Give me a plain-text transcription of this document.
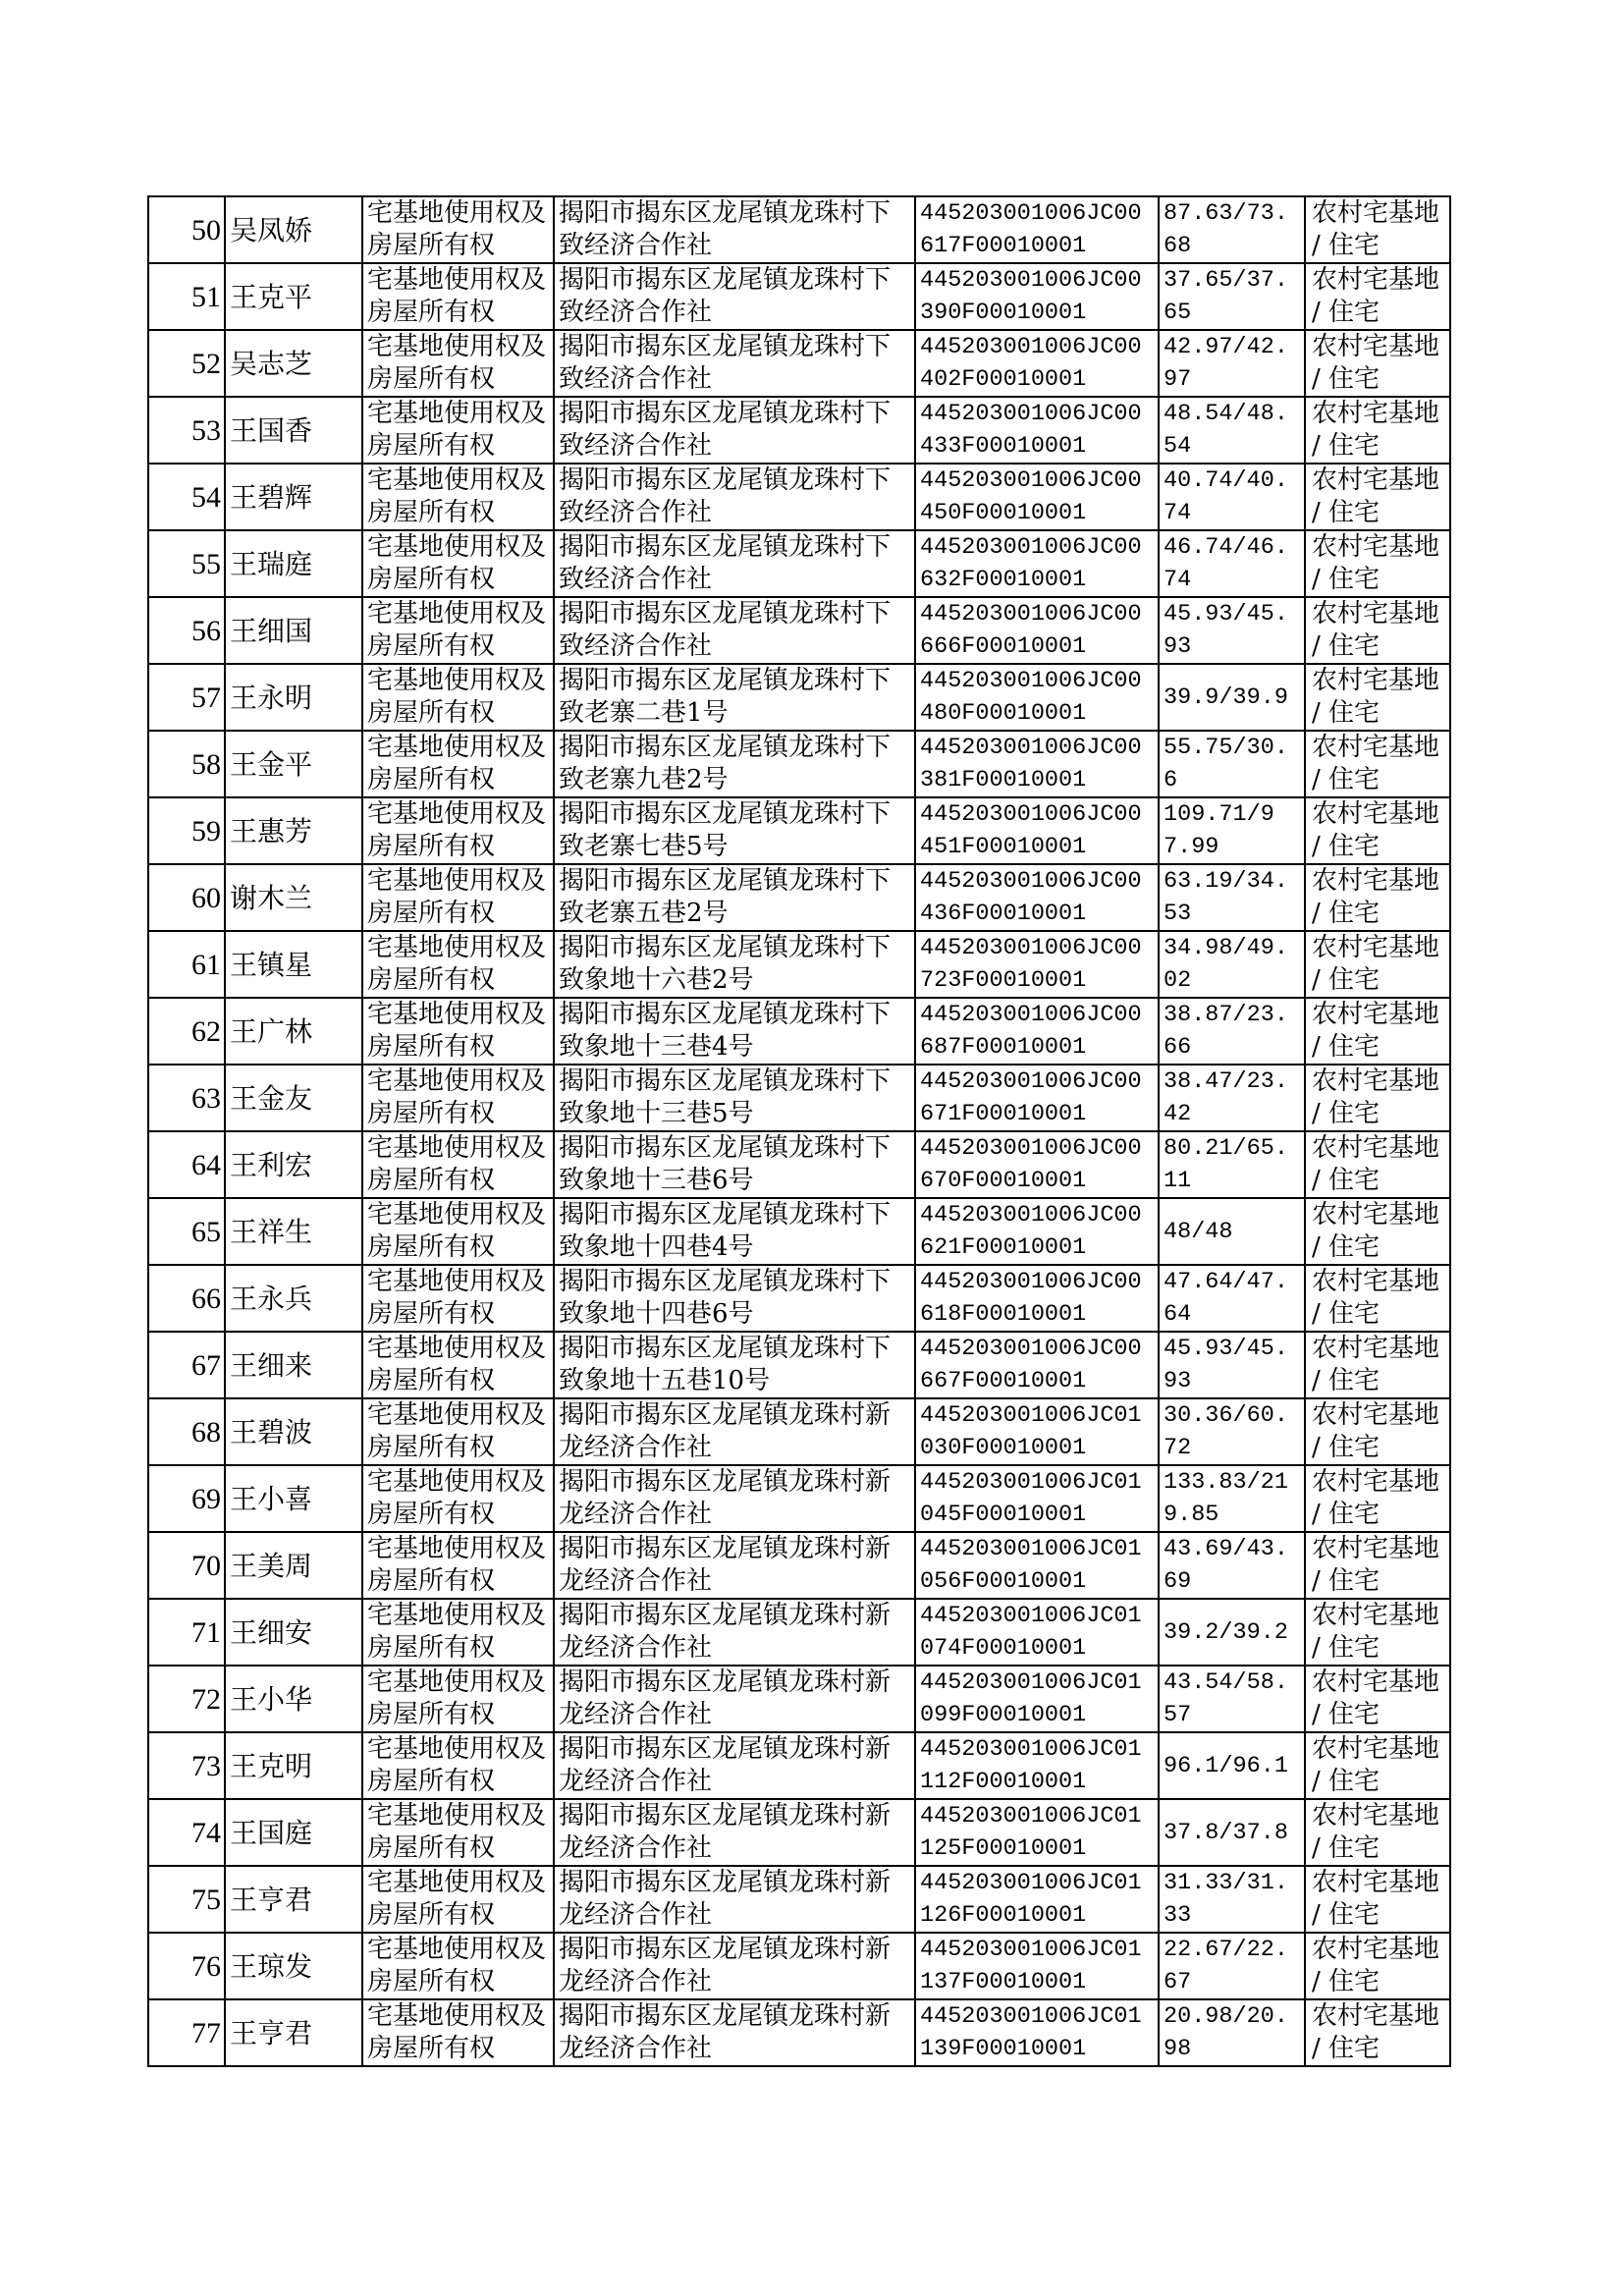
50	吴凤娇	宅基地使用权及房屋所有权	揭阳市揭东区龙尾镇龙珠村下致经济合作社	445203001006JC00617F00010001	87.63/73.68	农村宅基地 / 住宅
51	王克平	宅基地使用权及房屋所有权	揭阳市揭东区龙尾镇龙珠村下致经济合作社	445203001006JC00390F00010001	37.65/37.65	农村宅基地 / 住宅
52	吴志芝	宅基地使用权及房屋所有权	揭阳市揭东区龙尾镇龙珠村下致经济合作社	445203001006JC00402F00010001	42.97/42.97	农村宅基地 / 住宅
53	王国香	宅基地使用权及房屋所有权	揭阳市揭东区龙尾镇龙珠村下致经济合作社	445203001006JC00433F00010001	48.54/48.54	农村宅基地 / 住宅
54	王碧辉	宅基地使用权及房屋所有权	揭阳市揭东区龙尾镇龙珠村下致经济合作社	445203001006JC00450F00010001	40.74/40.74	农村宅基地 / 住宅
55	王瑞庭	宅基地使用权及房屋所有权	揭阳市揭东区龙尾镇龙珠村下致经济合作社	445203001006JC00632F00010001	46.74/46.74	农村宅基地 / 住宅
56	王细国	宅基地使用权及房屋所有权	揭阳市揭东区龙尾镇龙珠村下致经济合作社	445203001006JC00666F00010001	45.93/45.93	农村宅基地 / 住宅
57	王永明	宅基地使用权及房屋所有权	揭阳市揭东区龙尾镇龙珠村下致老寨二巷1号	445203001006JC00480F00010001	39.9/39.9	农村宅基地 / 住宅
58	王金平	宅基地使用权及房屋所有权	揭阳市揭东区龙尾镇龙珠村下致老寨九巷2号	445203001006JC00381F00010001	55.75/30.6	农村宅基地 / 住宅
59	王惠芳	宅基地使用权及房屋所有权	揭阳市揭东区龙尾镇龙珠村下致老寨七巷5号	445203001006JC00451F00010001	109.71/97.99	农村宅基地 / 住宅
60	谢木兰	宅基地使用权及房屋所有权	揭阳市揭东区龙尾镇龙珠村下致老寨五巷2号	445203001006JC00436F00010001	63.19/34.53	农村宅基地 / 住宅
61	王镇星	宅基地使用权及房屋所有权	揭阳市揭东区龙尾镇龙珠村下致象地十六巷2号	445203001006JC00723F00010001	34.98/49.02	农村宅基地 / 住宅
62	王广林	宅基地使用权及房屋所有权	揭阳市揭东区龙尾镇龙珠村下致象地十三巷4号	445203001006JC00687F00010001	38.87/23.66	农村宅基地 / 住宅
63	王金友	宅基地使用权及房屋所有权	揭阳市揭东区龙尾镇龙珠村下致象地十三巷5号	445203001006JC00671F00010001	38.47/23.42	农村宅基地 / 住宅
64	王利宏	宅基地使用权及房屋所有权	揭阳市揭东区龙尾镇龙珠村下致象地十三巷6号	445203001006JC00670F00010001	80.21/65.11	农村宅基地 / 住宅
65	王祥生	宅基地使用权及房屋所有权	揭阳市揭东区龙尾镇龙珠村下致象地十四巷4号	445203001006JC00621F00010001	48/48	农村宅基地 / 住宅
66	王永兵	宅基地使用权及房屋所有权	揭阳市揭东区龙尾镇龙珠村下致象地十四巷6号	445203001006JC00618F00010001	47.64/47.64	农村宅基地 / 住宅
67	王细来	宅基地使用权及房屋所有权	揭阳市揭东区龙尾镇龙珠村下致象地十五巷10号	445203001006JC00667F00010001	45.93/45.93	农村宅基地 / 住宅
68	王碧波	宅基地使用权及房屋所有权	揭阳市揭东区龙尾镇龙珠村新龙经济合作社	445203001006JC01030F00010001	30.36/60.72	农村宅基地 / 住宅
69	王小喜	宅基地使用权及房屋所有权	揭阳市揭东区龙尾镇龙珠村新龙经济合作社	445203001006JC01045F00010001	133.83/219.85	农村宅基地 / 住宅
70	王美周	宅基地使用权及房屋所有权	揭阳市揭东区龙尾镇龙珠村新龙经济合作社	445203001006JC01056F00010001	43.69/43.69	农村宅基地 / 住宅
71	王细安	宅基地使用权及房屋所有权	揭阳市揭东区龙尾镇龙珠村新龙经济合作社	445203001006JC01074F00010001	39.2/39.2	农村宅基地 / 住宅
72	王小华	宅基地使用权及房屋所有权	揭阳市揭东区龙尾镇龙珠村新龙经济合作社	445203001006JC01099F00010001	43.54/58.57	农村宅基地 / 住宅
73	王克明	宅基地使用权及房屋所有权	揭阳市揭东区龙尾镇龙珠村新龙经济合作社	445203001006JC01112F00010001	96.1/96.1	农村宅基地 / 住宅
74	王国庭	宅基地使用权及房屋所有权	揭阳市揭东区龙尾镇龙珠村新龙经济合作社	445203001006JC01125F00010001	37.8/37.8	农村宅基地 / 住宅
75	王亨君	宅基地使用权及房屋所有权	揭阳市揭东区龙尾镇龙珠村新龙经济合作社	445203001006JC01126F00010001	31.33/31.33	农村宅基地 / 住宅
76	王琼发	宅基地使用权及房屋所有权	揭阳市揭东区龙尾镇龙珠村新龙经济合作社	445203001006JC01137F00010001	22.67/22.67	农村宅基地 / 住宅
77	王亨君	宅基地使用权及房屋所有权	揭阳市揭东区龙尾镇龙珠村新龙经济合作社	445203001006JC01139F00010001	20.98/20.98	农村宅基地 / 住宅
